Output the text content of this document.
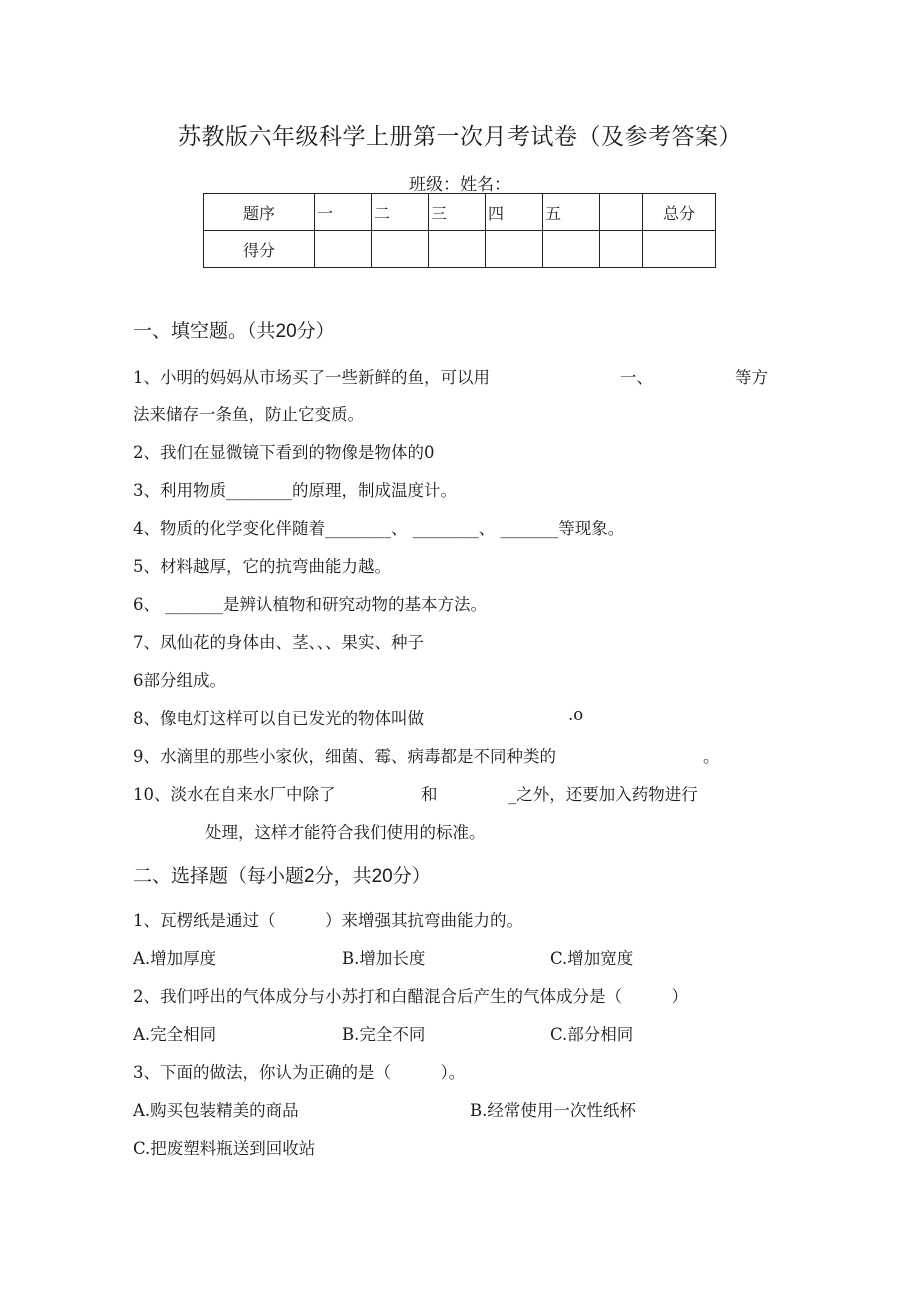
苏教版六年级科学上册第一次月考试卷（及参考答案）
班级：姓名：
题序	一	二	三	四	五		总分
得分							
一、填空题。（共20分）
1、小明的妈妈从市场买了一些新鲜的鱼，可以用	一、	等方
法来储存一条鱼，防止它变质。
2、我们在显微镜下看到的物像是物体的0
3、利用物质________的原理，制成温度计。
4、物质的化学变化伴随着________、 ________、 _______等现象。
5、材料越厚，它的抗弯曲能力越。
6、 _______是辨认植物和研究动物的基本方法。
7、凤仙花的身体由、茎、、、果实、种子
6部分组成。
8、像电灯这样可以自已发光的物体叫做	.o
9、水滴里的那些小家伙，细菌、霉、病毒都是不同种类的	。
10、淡水在自来水厂中除了	和	_之外，还要加入药物进行
处理，这样才能符合我们使用的标准。
二、选择题（每小题2分，共20分）
1、瓦楞纸是通过（　　　）来增强其抗弯曲能力的。
A.增加厚度	B.增加长度	C.增加宽度
2、我们呼出的气体成分与小苏打和白醋混合后产生的气体成分是（　　　）
A.完全相同	B.完全不同	C.部分相同
3、下面的做法，你认为正确的是（　　　）。
A.购买包装精美的商品	B.经常使用一次性纸杯
C.把废塑料瓶送到回收站
